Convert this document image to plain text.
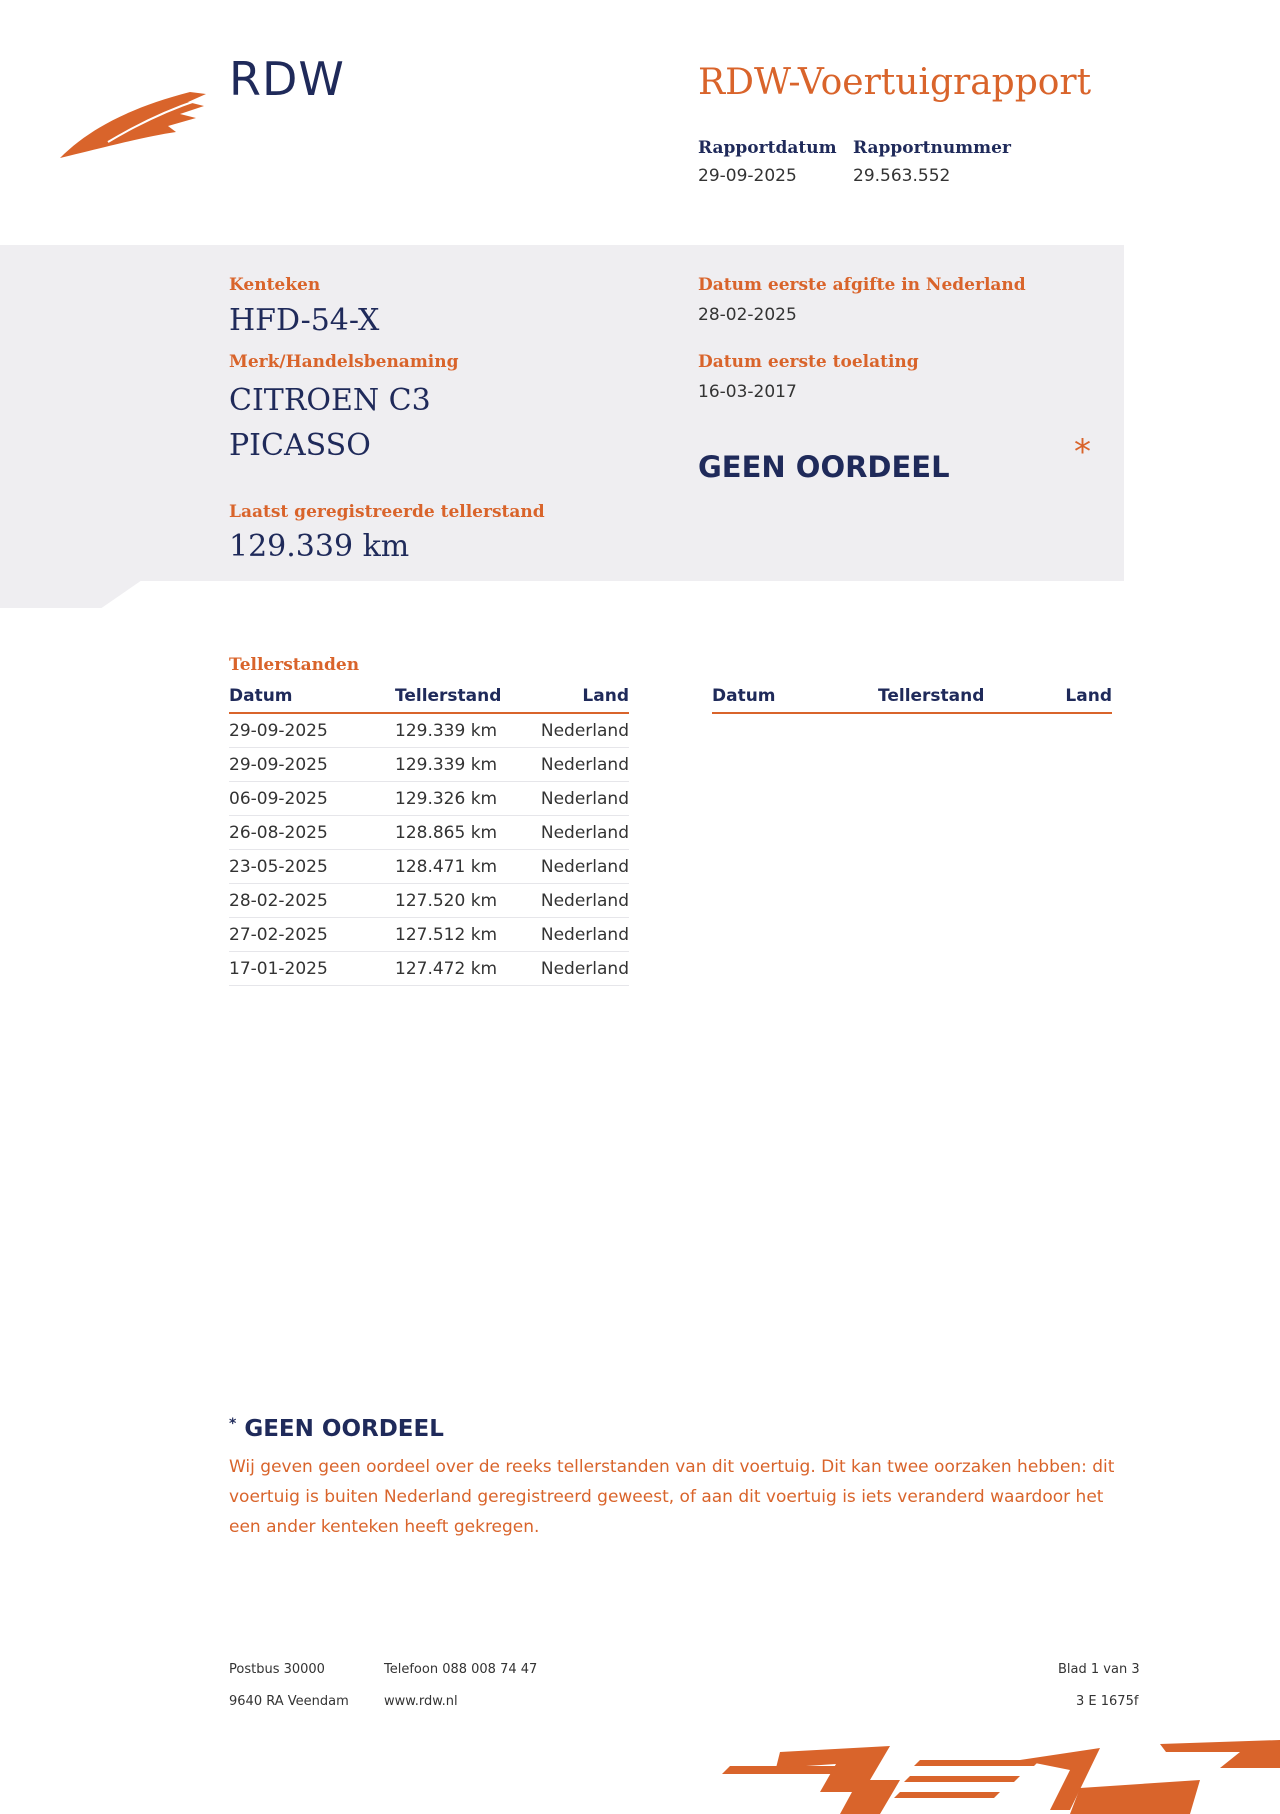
RDW	RDW-Voertuigrapport
Rapportdatum
29-09-2025
Rapportnummer
29.563.552
Kenteken
HFD-54-X
Merk/Handelsbenaming
CITROEN C3
PICASSO
Laatst geregistreerde tellerstand
129.339 km
Datum eerste afgifte in Nederland
28-02-2025
Datum eerste toelating
16-03-2017
GEEN OORDEEL	*
Tellerstanden
Datum	Tellerstand	Land
29-09-2025	129.339 km	Nederland
29-09-2025	129.339 km	Nederland
06-09-2025	129.326 km	Nederland
26-08-2025	128.865 km	Nederland
23-05-2025	128.471 km	Nederland
28-02-2025	127.520 km	Nederland
27-02-2025	127.512 km	Nederland
17-01-2025	127.472 km	Nederland
Datum	Tellerstand	Land
* GEEN OORDEEL
Wij geven geen oordeel over de reeks tellerstanden van dit voertuig. Dit kan twee oorzaken hebben: dit voertuig is buiten Nederland geregistreerd geweest, of aan dit voertuig is iets veranderd waardoor het een ander kenteken heeft gekregen.
Postbus 30000
9640 RA Veendam
Telefoon 088 008 74 47
www.rdw.nl
Blad 1 van 3
3 E 1675f
